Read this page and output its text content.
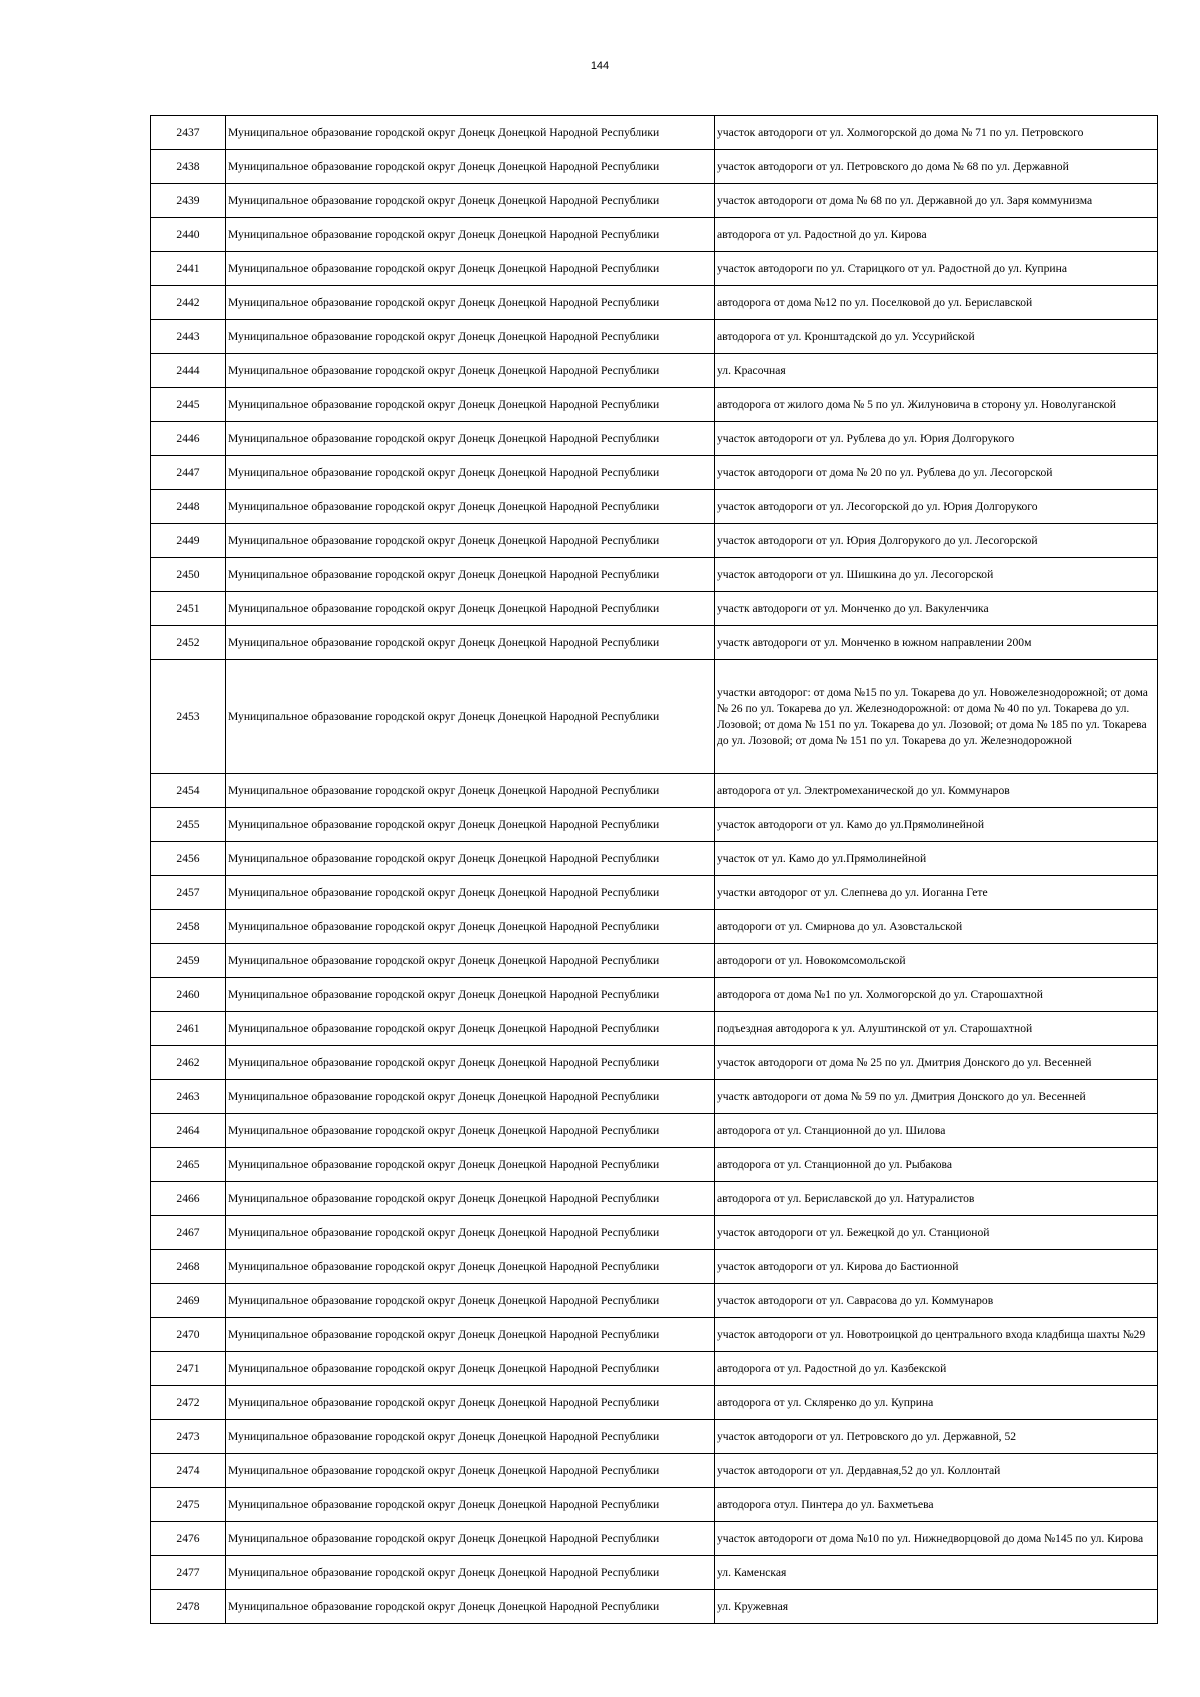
144
2437	Муниципальное образование городской округ Донецк Донецкой Народной Республики	участок автодороги от ул. Холмогорской до дома № 71 по ул. Петровского
2438	Муниципальное образование городской округ Донецк Донецкой Народной Республики	участок автодороги от ул. Петровского до дома № 68 по ул. Державной
2439	Муниципальное образование городской округ Донецк Донецкой Народной Республики	участок автодороги от дома № 68 по ул. Державной до ул. Заря коммунизма
2440	Муниципальное образование городской округ Донецк Донецкой Народной Республики	автодорога от ул. Радостной до ул. Кирова
2441	Муниципальное образование городской округ Донецк Донецкой Народной Республики	участок автодороги по ул. Старицкого от ул. Радостной до ул. Куприна
2442	Муниципальное образование городской округ Донецк Донецкой Народной Республики	автодорога от дома №12 по ул. Поселковой до ул. Бериславской
2443	Муниципальное образование городской округ Донецк Донецкой Народной Республики	автодорога от ул. Кронштадской до ул. Уссурийской
2444	Муниципальное образование городской округ Донецк Донецкой Народной Республики	ул. Красочная
2445	Муниципальное образование городской округ Донецк Донецкой Народной Республики	автодорога от жилого дома № 5 по ул. Жилуновича в сторону ул. Новолуганской
2446	Муниципальное образование городской округ Донецк Донецкой Народной Республики	участок автодороги от ул. Рублева до ул. Юрия Долгорукого
2447	Муниципальное образование городской округ Донецк Донецкой Народной Республики	участок автодороги от дома № 20 по ул. Рублева до ул. Лесогорской
2448	Муниципальное образование городской округ Донецк Донецкой Народной Республики	участок автодороги от ул. Лесогорской до ул. Юрия Долгорукого
2449	Муниципальное образование городской округ Донецк Донецкой Народной Республики	участок автодороги от ул. Юрия Долгорукого до ул. Лесогорской
2450	Муниципальное образование городской округ Донецк Донецкой Народной Республики	участок автодороги от ул. Шишкина до ул. Лесогорской
2451	Муниципальное образование городской округ Донецк Донецкой Народной Республики	участк автодороги от ул. Монченко до ул. Вакуленчика
2452	Муниципальное образование городской округ Донецк Донецкой Народной Республики	участк автодороги от ул. Монченко в южном направлении 200м
2453	Муниципальное образование городской округ Донецк Донецкой Народной Республики	участки автодорог: от дома №15 по ул. Токарева до ул. Новожелезнодорожной; от дома № 26 по ул. Токарева до ул. Железнодорожной: от дома № 40 по ул. Токарева до ул. Лозовой; от дома № 151 по ул. Токарева до ул. Лозовой; от дома № 185 по ул. Токарева до ул. Лозовой; от дома № 151 по ул. Токарева до ул. Железнодорожной
2454	Муниципальное образование городской округ Донецк Донецкой Народной Республики	автодорога от ул. Электромеханической до ул. Коммунаров
2455	Муниципальное образование городской округ Донецк Донецкой Народной Республики	участок автодороги от ул. Камо до ул.Прямолинейной
2456	Муниципальное образование городской округ Донецк Донецкой Народной Республики	участок от ул. Камо до ул.Прямолинейной
2457	Муниципальное образование городской округ Донецк Донецкой Народной Республики	участки автодорог от ул. Слепнева до ул. Иоганна Гете
2458	Муниципальное образование городской округ Донецк Донецкой Народной Республики	автодороги от ул. Смирнова до ул. Азовстальской
2459	Муниципальное образование городской округ Донецк Донецкой Народной Республики	автодороги от ул. Новокомсомольской
2460	Муниципальное образование городской округ Донецк Донецкой Народной Республики	автодорога от дома №1 по ул. Холмогорской до ул. Старошахтной
2461	Муниципальное образование городской округ Донецк Донецкой Народной Республики	подъездная автодорога к ул. Алуштинской от ул. Старошахтной
2462	Муниципальное образование городской округ Донецк Донецкой Народной Республики	участок автодороги от дома № 25 по ул. Дмитрия Донского до ул. Весенней
2463	Муниципальное образование городской округ Донецк Донецкой Народной Республики	участк автодороги от дома № 59 по ул. Дмитрия Донского до ул. Весенней
2464	Муниципальное образование городской округ Донецк Донецкой Народной Республики	автодорога от ул. Станционной до ул. Шилова
2465	Муниципальное образование городской округ Донецк Донецкой Народной Республики	автодорога от ул. Станционной до ул. Рыбакова
2466	Муниципальное образование городской округ Донецк Донецкой Народной Республики	автодорога от ул. Бериславской до ул. Натуралистов
2467	Муниципальное образование городской округ Донецк Донецкой Народной Республики	участок автодороги от ул. Бежецкой до ул. Станционой
2468	Муниципальное образование городской округ Донецк Донецкой Народной Республики	участок автодороги от ул. Кирова до Бастионной
2469	Муниципальное образование городской округ Донецк Донецкой Народной Республики	участок автодороги от ул. Саврасова до ул. Коммунаров
2470	Муниципальное образование городской округ Донецк Донецкой Народной Республики	участок автодороги от ул. Новотроицкой до центрального входа кладбища шахты №29
2471	Муниципальное образование городской округ Донецк Донецкой Народной Республики	автодорога от ул. Радостной до ул. Казбекской
2472	Муниципальное образование городской округ Донецк Донецкой Народной Республики	автодорога от ул. Скляренко до ул. Куприна
2473	Муниципальное образование городской округ Донецк Донецкой Народной Республики	участок автодороги от ул. Петровского до ул. Державной, 52
2474	Муниципальное образование городской округ Донецк Донецкой Народной Республики	участок автодороги от ул. Дердавная,52 до ул. Коллонтай
2475	Муниципальное образование городской округ Донецк Донецкой Народной Республики	автодорога отул. Пинтера до ул. Бахметьева
2476	Муниципальное образование городской округ Донецк Донецкой Народной Республики	участок автодороги от дома №10 по ул. Нижнедворцовой до дома №145 по ул. Кирова
2477	Муниципальное образование городской округ Донецк Донецкой Народной Республики	ул. Каменская
2478	Муниципальное образование городской округ Донецк Донецкой Народной Республики	ул. Кружевная
